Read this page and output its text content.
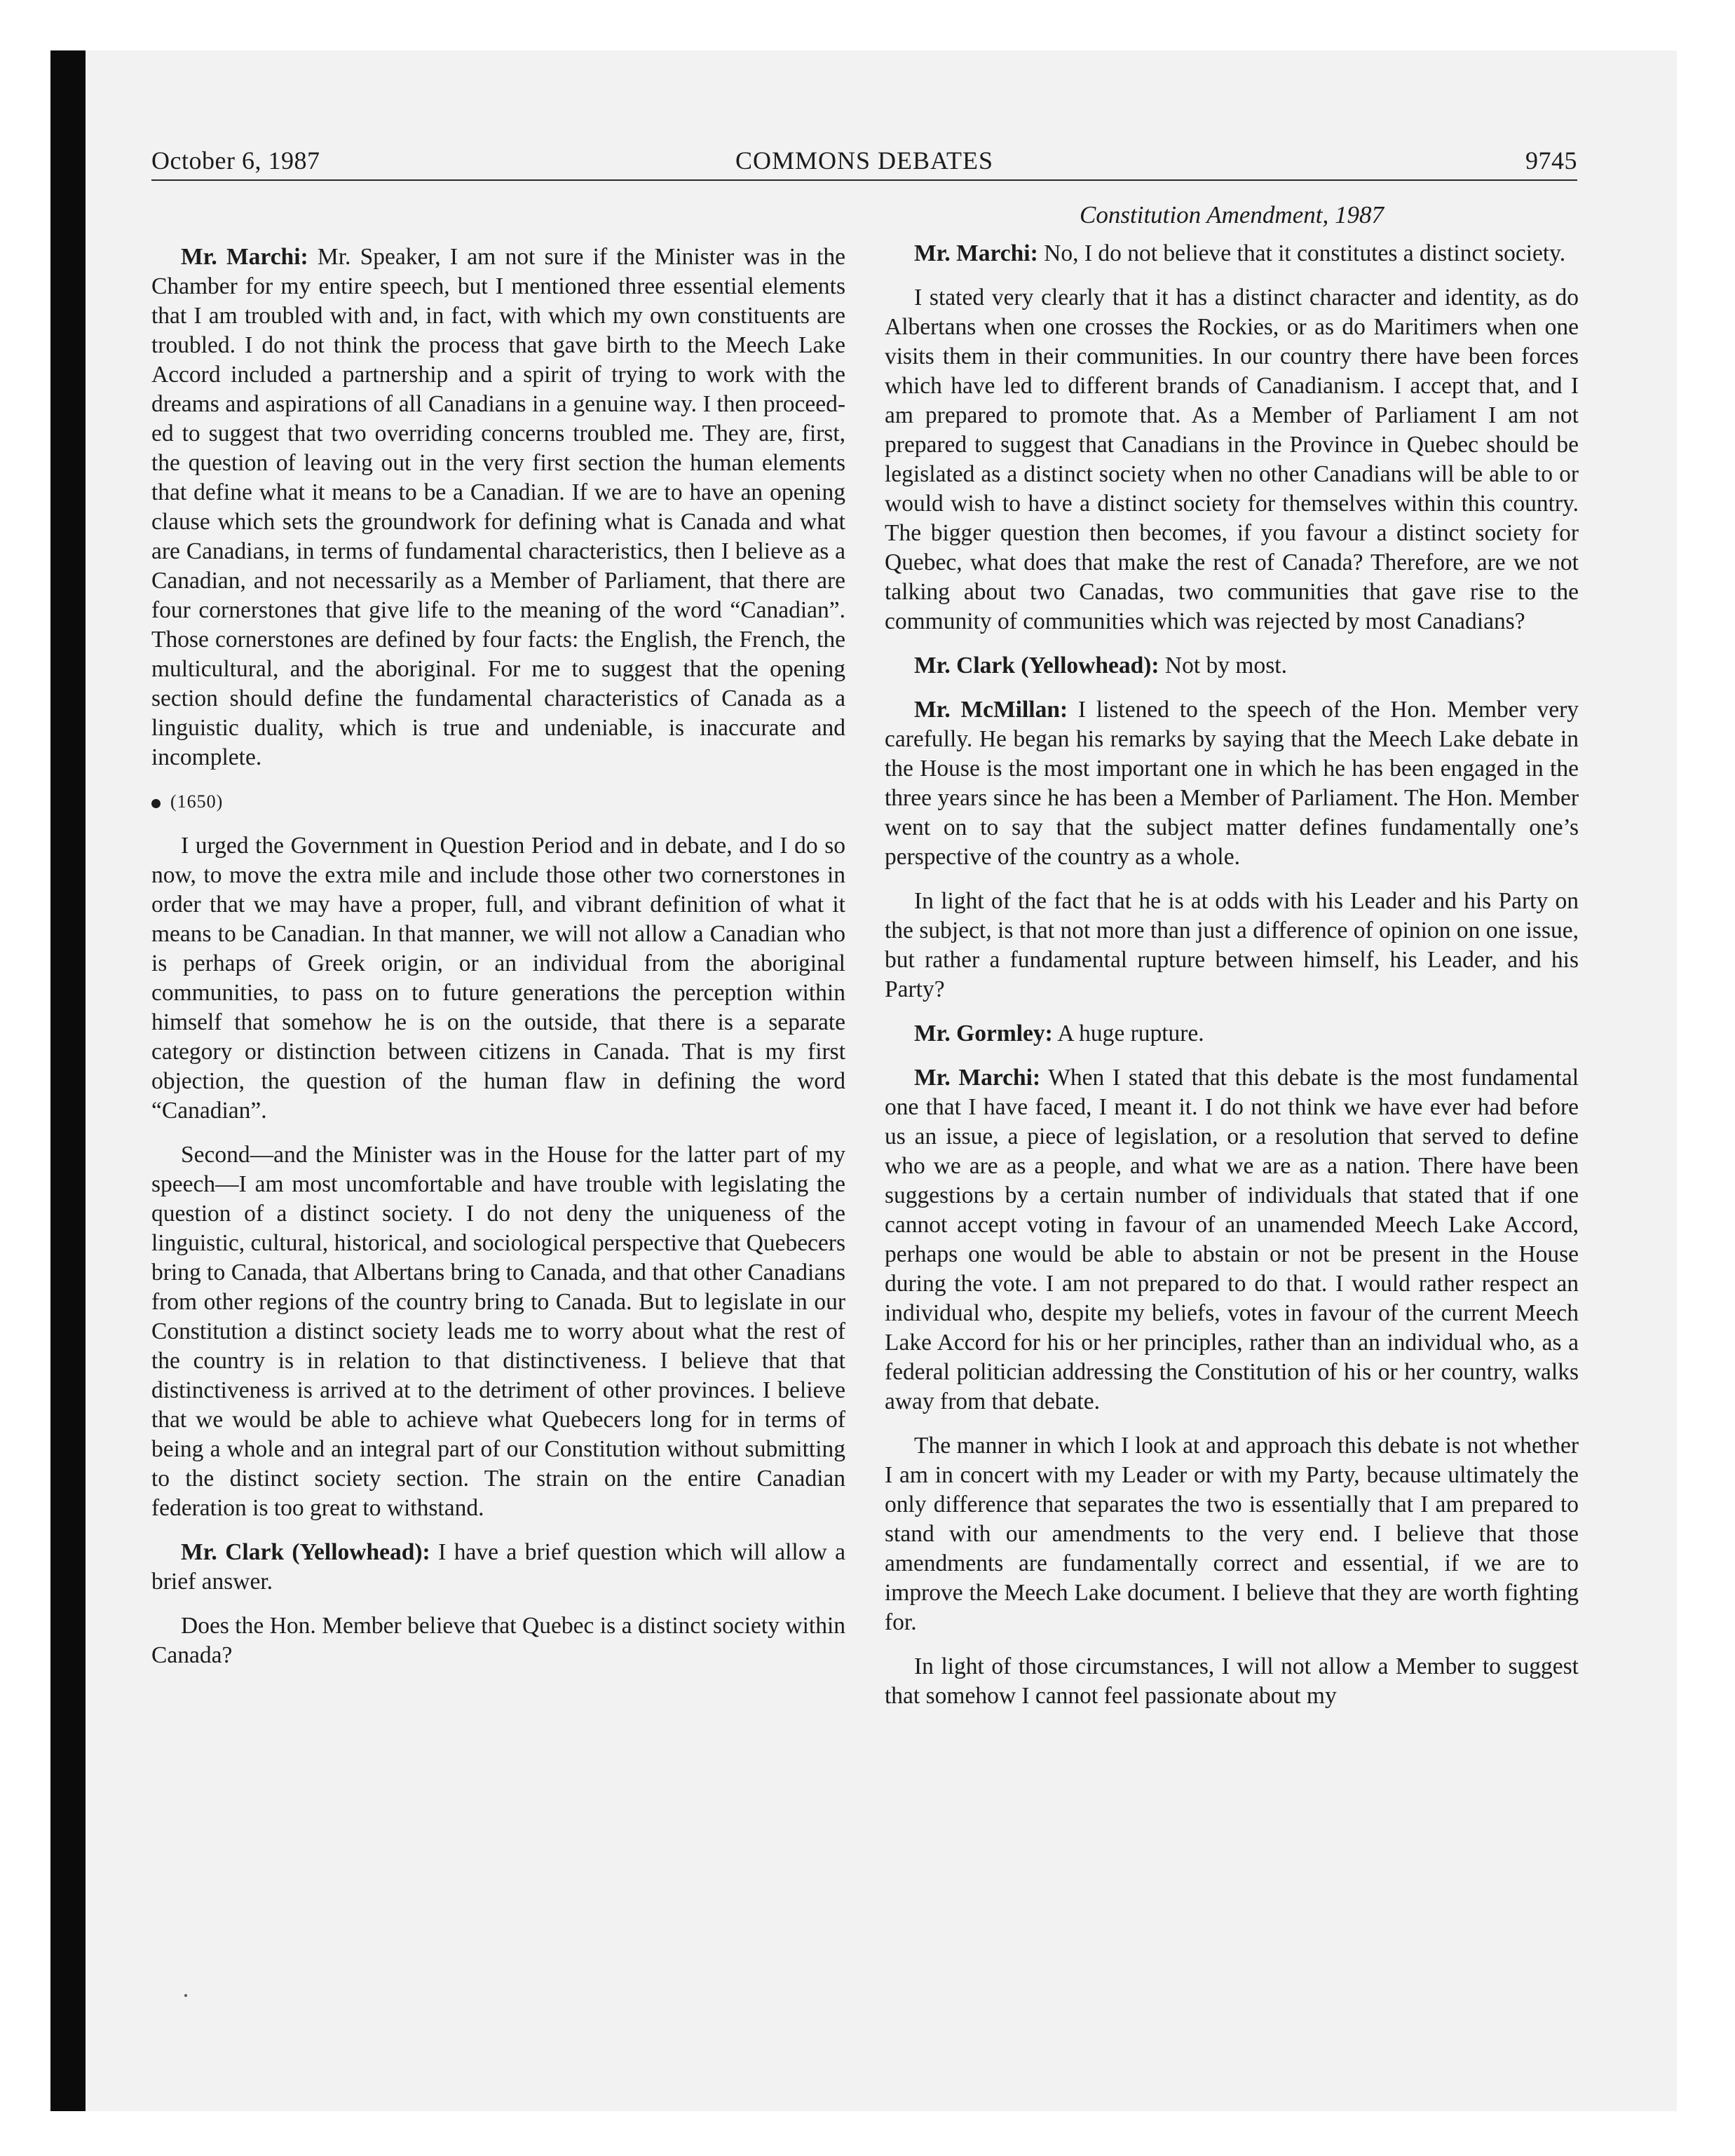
October 6, 1987	COMMONS DEBATES	9745

Mr. Marchi: Mr. Speaker, I am not sure if the Minister was in the Chamber for my entire speech, but I mentioned three essential elements that I am troubled with and, in fact, with which my own constituents are troubled. I do not think the process that gave birth to the Meech Lake Accord included a partnership and a spirit of trying to work with the dreams and aspirations of all Canadians in a genuine way. I then proceeded to suggest that two overriding concerns troubled me. They are, first, the question of leaving out in the very first section the human elements that define what it means to be a Canadian. If we are to have an opening clause which sets the groundwork for defining what is Canada and what are Canadians, in terms of fundamental characteristics, then I believe as a Canadian, and not necessarily as a Member of Parliament, that there are four cornerstones that give life to the meaning of the word “Canadian”. Those cornerstones are defined by four facts: the English, the French, the multicultural, and the aboriginal. For me to suggest that the opening section should define the fundamental characteristics of Canada as a linguistic duality, which is true and undeniable, is inaccurate and incomplete.

(1650)

I urged the Government in Question Period and in debate, and I do so now, to move the extra mile and include those other two cornerstones in order that we may have a proper, full, and vibrant definition of what it means to be Canadian. In that manner, we will not allow a Canadian who is perhaps of Greek origin, or an individual from the aboriginal communities, to pass on to future generations the perception within himself that somehow he is on the outside, that there is a separate category or distinction between citizens in Canada. That is my first objection, the question of the human flaw in defining the word “Canadian”.

Second—and the Minister was in the House for the latter part of my speech—I am most uncomfortable and have trouble with legislating the question of a distinct society. I do not deny the uniqueness of the linguistic, cultural, historical, and sociological perspective that Quebecers bring to Canada, that Albertans bring to Canada, and that other Canadians from other regions of the country bring to Canada. But to legislate in our Constitution a distinct society leads me to worry about what the rest of the country is in relation to that distinctiveness. I believe that that distinctiveness is arrived at to the detriment of other provinces. I believe that we would be able to achieve what Quebecers long for in terms of being a whole and an integral part of our Constitution without submitting to the distinct society section. The strain on the entire Canadian federation is too great to withstand.

Mr. Clark (Yellowhead): I have a brief question which will allow a brief answer.

Does the Hon. Member believe that Quebec is a distinct society within Canada?

Constitution Amendment, 1987

Mr. Marchi: No, I do not believe that it constitutes a distinct society.

I stated very clearly that it has a distinct character and identity, as do Albertans when one crosses the Rockies, or as do Maritimers when one visits them in their communities. In our country there have been forces which have led to different brands of Canadianism. I accept that, and I am prepared to promote that. As a Member of Parliament I am not prepared to suggest that Canadians in the Province in Quebec should be legislated as a distinct society when no other Canadians will be able to or would wish to have a distinct society for themselves within this country. The bigger question then becomes, if you favour a distinct society for Quebec, what does that make the rest of Canada? Therefore, are we not talking about two Canadas, two communities that gave rise to the community of communities which was rejected by most Canadians?

Mr. Clark (Yellowhead): Not by most.

Mr. McMillan: I listened to the speech of the Hon. Member very carefully. He began his remarks by saying that the Meech Lake debate in the House is the most important one in which he has been engaged in the three years since he has been a Member of Parliament. The Hon. Member went on to say that the subject matter defines fundamentally one’s perspective of the country as a whole.

In light of the fact that he is at odds with his Leader and his Party on the subject, is that not more than just a difference of opinion on one issue, but rather a fundamental rupture between himself, his Leader, and his Party?

Mr. Gormley: A huge rupture.

Mr. Marchi: When I stated that this debate is the most fundamental one that I have faced, I meant it. I do not think we have ever had before us an issue, a piece of legislation, or a resolution that served to define who we are as a people, and what we are as a nation. There have been suggestions by a certain number of individuals that stated that if one cannot accept voting in favour of an unamended Meech Lake Accord, perhaps one would be able to abstain or not be present in the House during the vote. I am not prepared to do that. I would rather respect an individual who, despite my beliefs, votes in favour of the current Meech Lake Accord for his or her principles, rather than an individual who, as a federal politician addressing the Constitution of his or her country, walks away from that debate.

The manner in which I look at and approach this debate is not whether I am in concert with my Leader or with my Party, because ultimately the only difference that separates the two is essentially that I am prepared to stand with our amendments to the very end. I believe that those amendments are fundamentally correct and essential, if we are to improve the Meech Lake document. I believe that they are worth fighting for.

In light of those circumstances, I will not allow a Member to suggest that somehow I cannot feel passionate about my
